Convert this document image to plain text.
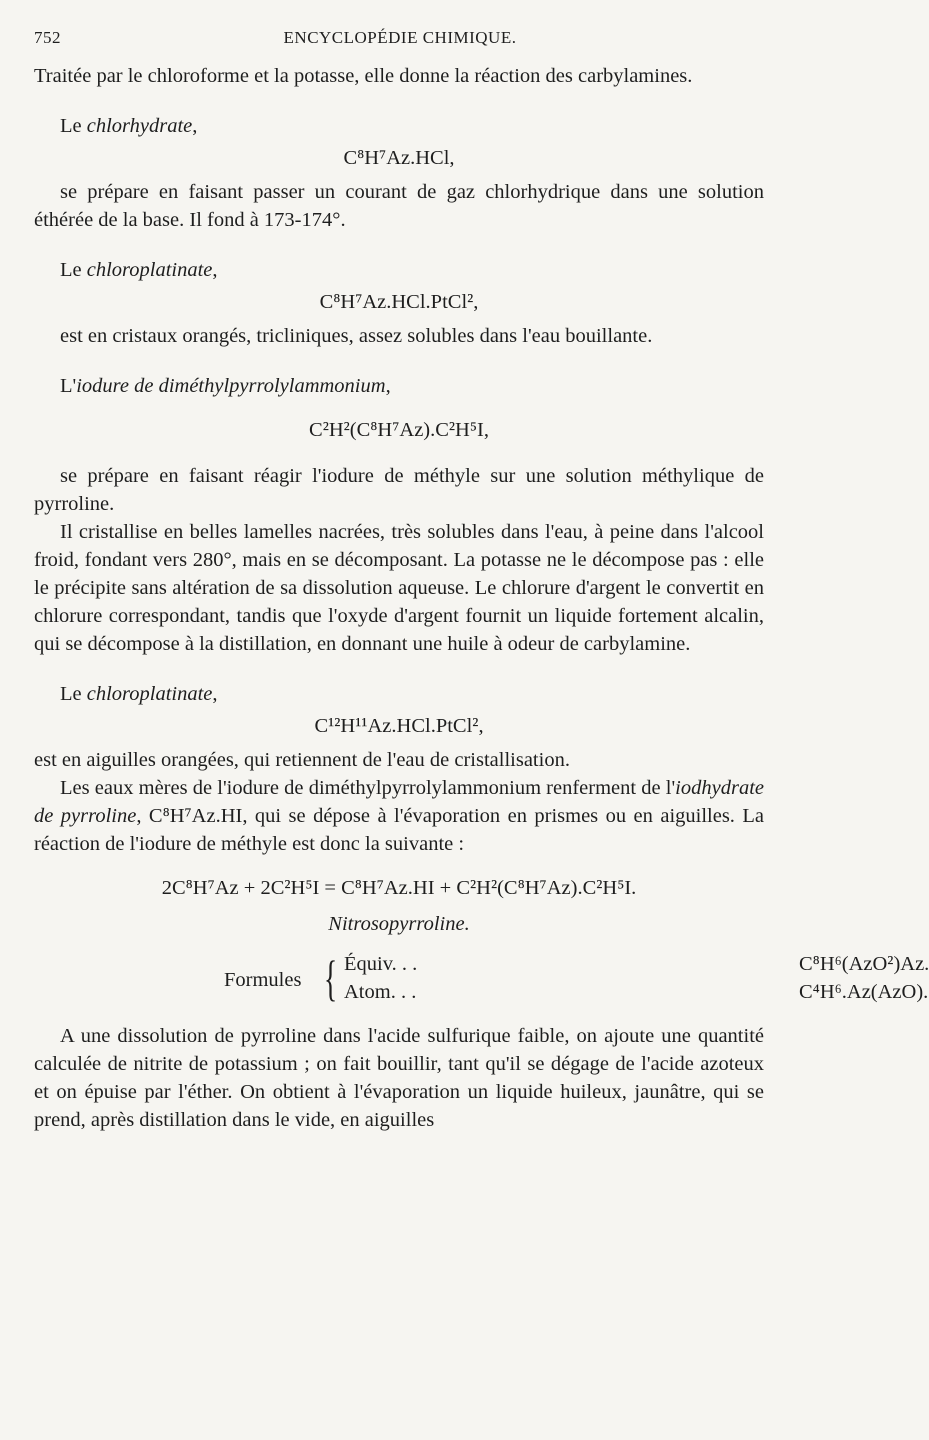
752	ENCYCLOPÉDIE CHIMIQUE.

Traitée par le chloroforme et la potasse, elle donne la réaction des carbylamines.

Le chlorhydrate,

C⁸H⁷Az.HCl,

se prépare en faisant passer un courant de gaz chlorhydrique dans une solution éthérée de la base. Il fond à 173-174°.

Le chloroplatinate,

C⁸H⁷Az.HCl.PtCl²,

est en cristaux orangés, tricliniques, assez solubles dans l'eau bouillante.

L'iodure de diméthylpyrrolylammonium,

C²H²(C⁸H⁷Az).C²H⁵I,

se prépare en faisant réagir l'iodure de méthyle sur une solution méthylique de pyrroline.

Il cristallise en belles lamelles nacrées, très solubles dans l'eau, à peine dans l'alcool froid, fondant vers 280°, mais en se décomposant. La potasse ne le décompose pas : elle le précipite sans altération de sa dissolution aqueuse. Le chlorure d'argent le convertit en chlorure correspondant, tandis que l'oxyde d'argent fournit un liquide fortement alcalin, qui se décompose à la distillation, en donnant une huile à odeur de carbylamine.

Le chloroplatinate,

C¹²H¹¹Az.HCl.PtCl²,

est en aiguilles orangées, qui retiennent de l'eau de cristallisation.

Les eaux mères de l'iodure de diméthylpyrrolylammonium renferment de l'iodhydrate de pyrroline, C⁸H⁷Az.HI, qui se dépose à l'évaporation en prismes ou en aiguilles. La réaction de l'iodure de méthyle est donc la suivante :

2C⁸H⁷Az + 2C²H⁵I = C⁸H⁷Az.HI + C²H²(C⁸H⁷Az).C²H⁵I.
Nitrosopyrroline.
Formules { Équiv. . .	C⁸H⁶(AzO²)Az.
Atom. . .	C⁴H⁶.Az(AzO).

A une dissolution de pyrroline dans l'acide sulfurique faible, on ajoute une quantité calculée de nitrite de potassium ; on fait bouillir, tant qu'il se dégage de l'acide azoteux et on épuise par l'éther. On obtient à l'évaporation un liquide huileux, jaunâtre, qui se prend, après distillation dans le vide, en aiguilles
